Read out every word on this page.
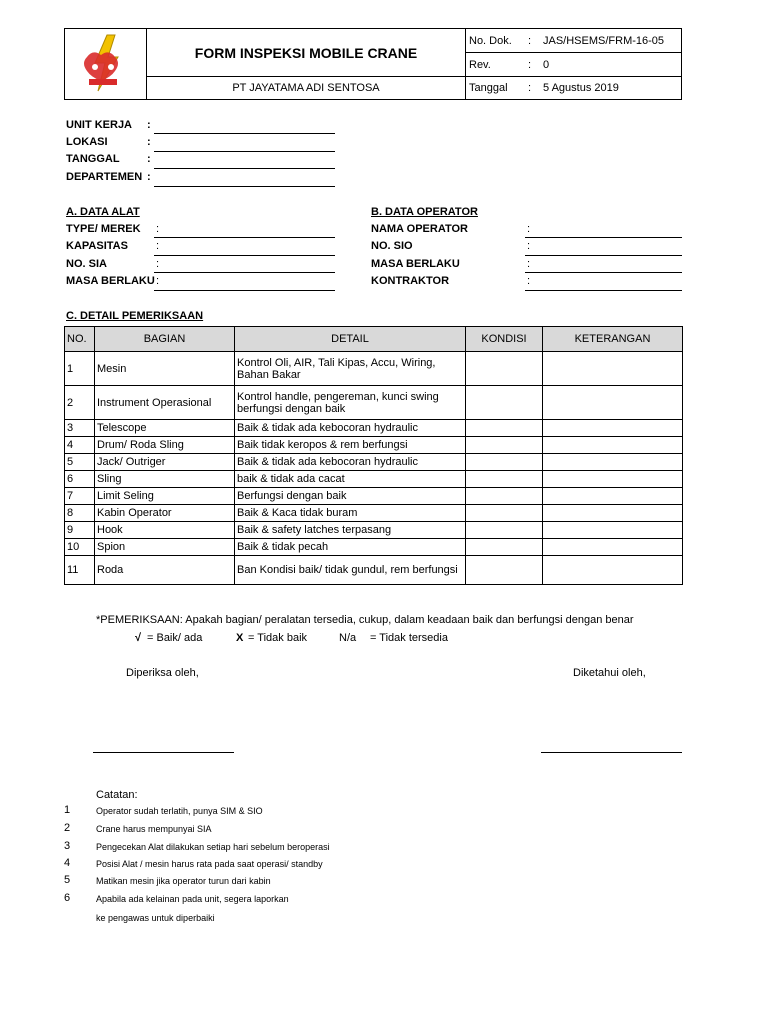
FORM INSPEKSI MOBILE CRANE
PT JAYATAMA ADI SENTOSA
No. Dok. : JAS/HSEMS/FRM-16-05
Rev.	: 0
Tanggal : 5 Agustus 2019
UNIT KERJA :
LOKASI	:
TANGGAL :
DEPARTEMEN :
A. DATA ALAT
TYPE/ MEREK :
KAPASITAS	:
NO. SIA	:
MASA BERLAKU :
B. DATA OPERATOR
NAMA OPERATOR	:
NO. SIO	:
MASA BERLAKU	:
KONTRAKTOR	:
C. DETAIL PEMERIKSAAN
NO.	BAGIAN	DETAIL	KONDISI	KETERANGAN
1	Mesin	Kontrol Oli, AIR, Tali Kipas, Accu, Wiring, Bahan Bakar		
2	Instrument Operasional	Kontrol handle, pengereman, kunci swing berfungsi dengan baik		
3	Telescope	Baik & tidak ada kebocoran hydraulic		
4	Drum/ Roda Sling	Baik tidak keropos & rem berfungsi		
5	Jack/ Outriger	Baik & tidak ada kebocoran hydraulic		
6	Sling	baik & tidak ada cacat		
7	Limit Seling	Berfungsi dengan baik		
8	Kabin Operator	Baik & Kaca tidak buram		
9	Hook	Baik & safety latches terpasang		
10	Spion	Baik & tidak pecah		
11	Roda	Ban Kondisi baik/ tidak gundul, rem berfungsi		
*PEMERIKSAAN: Apakah bagian/ peralatan tersedia, cukup, dalam keadaan baik dan berfungsi dengan benar
√ = Baik/ ada	X = Tidak baik	N/a = Tidak tersedia
Diperiksa oleh,	Diketahui oleh,
Catatan:
1	Operator sudah terlatih, punya SIM & SIO
2	Crane harus mempunyai SIA
3	Pengecekan Alat dilakukan setiap hari sebelum beroperasi
4	Posisi Alat / mesin harus rata pada saat operasi/ standby
5	Matikan mesin jika operator turun dari kabin
6	Apabila ada kelainan pada unit, segera laporkan
ke pengawas untuk diperbaiki
